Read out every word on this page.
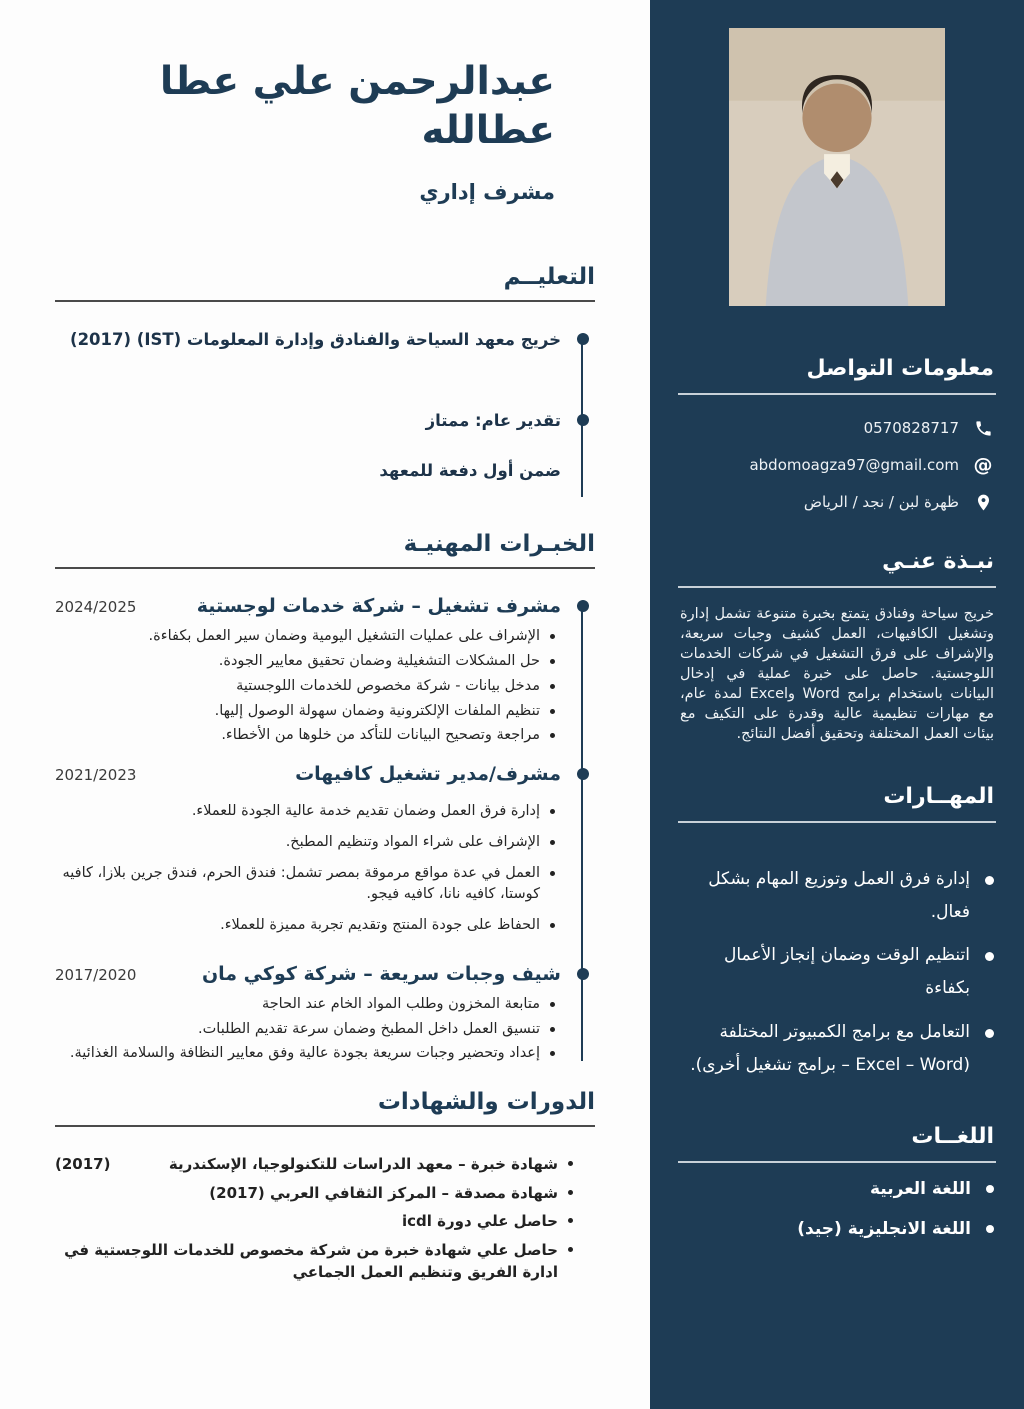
معلومات التواصل
0570828717
@
abdomoagza97@gmail.com
ظهرة لبن / نجد / الرياض
نبـذة عنـي

خريج سياحة وفنادق يتمتع بخبرة متنوعة تشمل إدارة وتشغيل الكافيهات، العمل كشيف وجبات سريعة، والإشراف على فرق التشغيل في شركات الخدمات اللوجستية. حاصل على خبرة عملية في إدخال البيانات باستخدام برامج Word وExcel لمدة عام، مع مهارات تنظيمية عالية وقدرة على التكيف مع بيئات العمل المختلفة وتحقيق أفضل النتائج.

المهــارات
إدارة فرق العمل وتوزيع المهام بشكل فعال.
اتنظيم الوقت وضمان إنجاز الأعمال بكفاءة
التعامل مع برامج الكمبيوتر المختلفة (Excel – Word – برامج تشغيل أخرى).
اللغــات
اللغة العربية
اللغة الانجليزية (جيد)
عبدالرحمن علي عطا عطالله
مشرف إداري
التعليــم

خريج معهد السياحة والفنادق وإدارة المعلومات (IST) (2017)

تقدير عام: ممتاز

ضمن أول دفعة للمعهد

الخبـرات المهنيـة
مشرف تشغيل – شركة خدمات لوجستية
2024/2025
الإشراف على عمليات التشغيل اليومية وضمان سير العمل بكفاءة.
حل المشكلات التشغيلية وضمان تحقيق معايير الجودة.
مدخل بيانات - شركة مخصوص للخدمات اللوجستية
تنظيم الملفات الإلكترونية وضمان سهولة الوصول إليها.
مراجعة وتصحيح البيانات للتأكد من خلوها من الأخطاء.
مشرف/مدير تشغيل كافيهات
2021/2023
إدارة فرق العمل وضمان تقديم خدمة عالية الجودة للعملاء.
الإشراف على شراء المواد وتنظيم المطبخ.
العمل في عدة مواقع مرموقة بمصر تشمل: فندق الحرم، فندق جرين بلازا، كافيه كوستا، كافيه نانا، كافيه فيجو.
الحفاظ على جودة المنتج وتقديم تجربة مميزة للعملاء.
شيف وجبات سريعة – شركة كوكي مان
2017/2020
متابعة المخزون وطلب المواد الخام عند الحاجة
تنسيق العمل داخل المطبخ وضمان سرعة تقديم الطلبات.
إعداد وتحضير وجبات سريعة بجودة عالية وفق معايير النظافة والسلامة الغذائية.
الدورات والشهادات
شهادة خبرة – معهد الدراسات للتكنولوجيا، الإسكندرية
(2017)
شهادة مصدقة – المركز الثقافي العربي (2017)
حاصل علي دورة icdl
حاصل علي شهادة خبرة من شركة مخصوص للخدمات اللوجستية في ادارة الفريق وتنظيم العمل الجماعي
